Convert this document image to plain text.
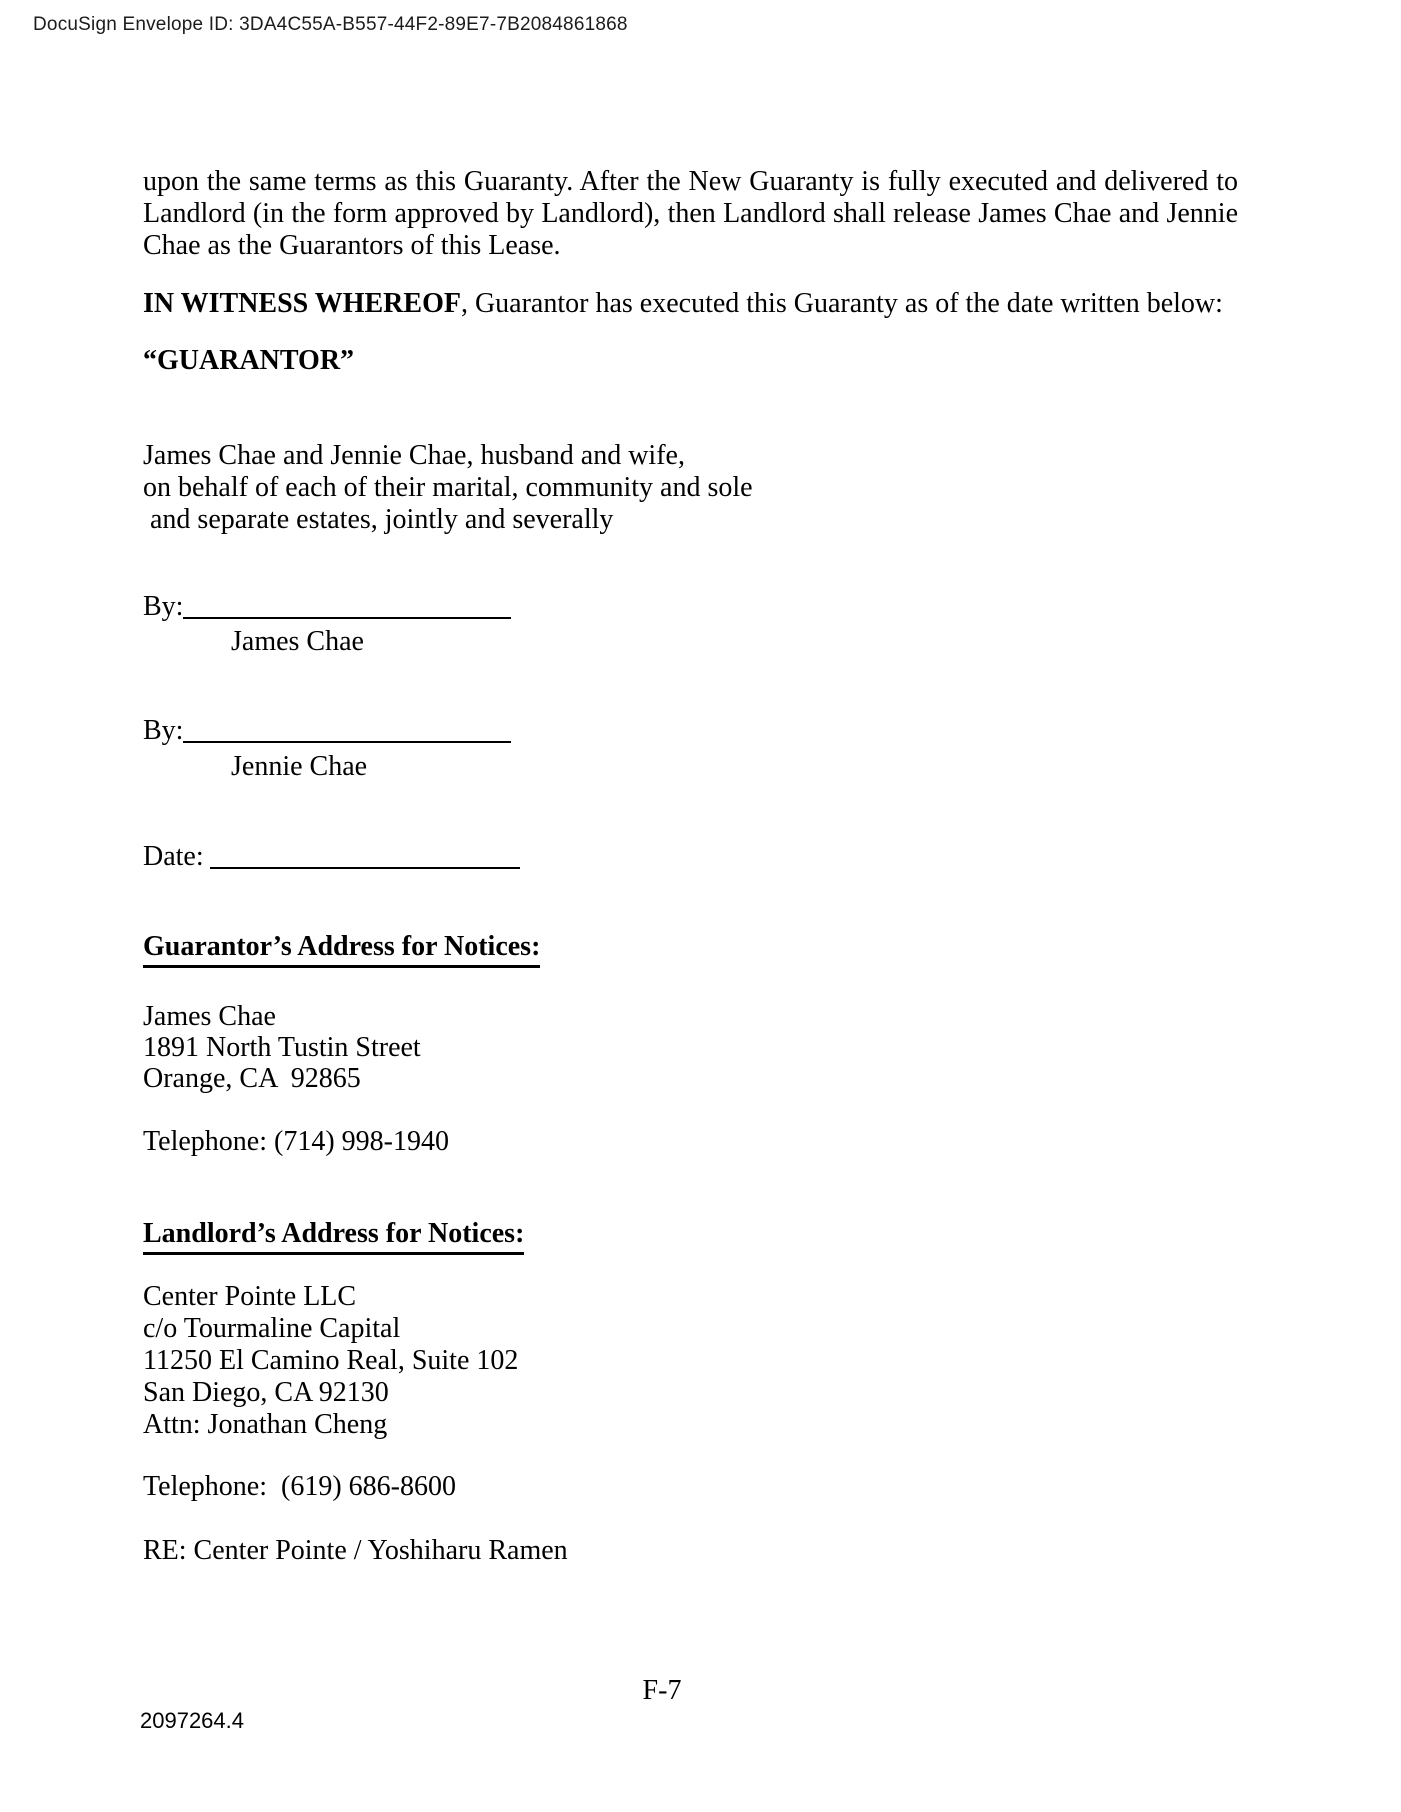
DocuSign Envelope ID: 3DA4C55A-B557-44F2-89E7-7B2084861868
upon the same terms as this Guaranty. After the New Guaranty is fully executed and delivered to
Landlord (in the form approved by Landlord), then Landlord shall release James Chae and Jennie
Chae as the Guarantors of this Lease.
IN WITNESS WHEREOF, Guarantor has executed this Guaranty as of the date written below:
“GUARANTOR”
James Chae and Jennie Chae, husband and wife,
on behalf of each of their marital, community and sole
and separate estates, jointly and severally
By:
James Chae
By:
Jennie Chae
Date:
Guarantor’s Address for Notices:
James Chae
1891 North Tustin Street
Orange, CA  92865
Telephone: (714) 998-1940
Landlord’s Address for Notices:
Center Pointe LLC
c/o Tourmaline Capital
11250 El Camino Real, Suite 102
San Diego, CA 92130
Attn: Jonathan Cheng
Telephone:  (619) 686-8600
RE: Center Pointe / Yoshiharu Ramen
F-7
2097264.4
